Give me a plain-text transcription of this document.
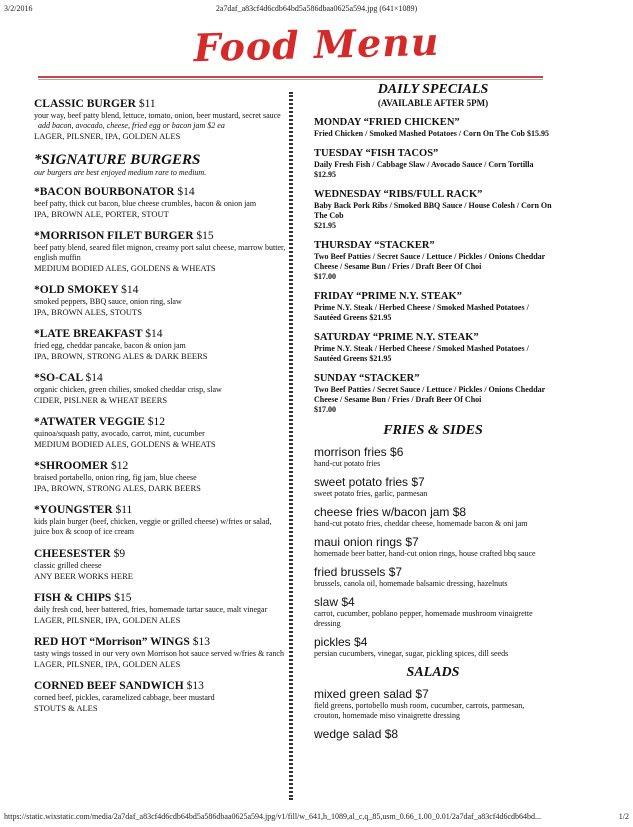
3/2/2016	2a7daf_a83cf4d6cdb64bd5a586dbaa0625a594.jpg (641×1089)
Food Menu
CLASSIC BURGER $11
your way, beef patty blend, lettuce, tomato, onion, beer mustard, secret sauce
add bacon, avocado, cheese, fried egg or bacon jam $2 ea
LAGER, PILSNER, IPA, GOLDEN ALES
*SIGNATURE BURGERS
our burgers are best enjoyed medium rare to medium.
*BACON BOURBONATOR $14
beef patty, thick cut bacon, blue cheese crumbles, bacon & onion jam
IPA, BROWN ALE, PORTER, STOUT
*MORRISON FILET BURGER $15
beef patty blend, seared filet mignon, creamy port salut cheese, marrow butter, english muffin
MEDIUM BODIED ALES, GOLDENS & WHEATS
*OLD SMOKEY $14
smoked peppers, BBQ sauce, onion ring, slaw
IPA, BROWN ALES, STOUTS
*LATE BREAKFAST $14
fried egg, cheddar pancake, bacon & onion jam
IPA, BROWN, STRONG ALES & DARK BEERS
*SO-CAL $14
organic chicken, green chilies, smoked cheddar crisp, slaw
CIDER, PISLNER & WHEAT BEERS
*ATWATER VEGGIE $12
quinoa/squash patty, avocado, carrot, mint, cucumber
MEDIUM BODIED ALES, GOLDENS & WHEATS
*SHROOMER $12
braised portabello, onion ring, fig jam, blue cheese
IPA, BROWN, STRONG ALES, DARK BEERS
*YOUNGSTER $11
kids plain burger (beef, chicken, veggie or grilled cheese) w/fries or salad, juice box & scoop of ice cream
CHEESESTER $9
classic grilled cheese
ANY BEER WORKS HERE
FISH & CHIPS $15
daily fresh cod, beer battered, fries, homemade tartar sauce, malt vinegar
LAGER, PILSNER, IPA, GOLDEN ALES
RED HOT “Morrison” WINGS $13
tasty wings tossed in our very own Morrison hot sauce served w/fries & ranch
LAGER, PILSNER, IPA, GOLDEN ALES
CORNED BEEF SANDWICH $13
corned beef, pickles, caramelized cabbage, beer mustard
STOUTS & ALES
DAILY SPECIALS
(AVAILABLE AFTER 5PM)
MONDAY “FRIED CHICKEN”
Fried Chicken / Smoked Mashed Potatoes / Corn On The Cob $15.95
TUESDAY “FISH TACOS”
Daily Fresh Fish / Cabbage Slaw / Avocado Sauce / Corn Tortilla $12.95
WEDNESDAY “RIBS/FULL RACK”
Baby Back Pork Ribs / Smoked BBQ Sauce / House Colesh / Corn On The Cob
$21.95
THURSDAY “STACKER”
Two Beef Patties / Secret Sauce / Lettuce / Pickles / Onions Cheddar Cheese / Sesame Bun / Fries / Draft Beer Of Choi
$17.00
FRIDAY “PRIME N.Y. STEAK”
Prime N.Y. Steak / Herbed Cheese / Smoked Mashed Potatoes / Sautéed Greens $21.95
SATURDAY “PRIME N.Y. STEAK”
Prime N.Y. Steak / Herbed Cheese / Smoked Mashed Potatoes / Sautéed Greens $21.95
SUNDAY “STACKER”
Two Beef Patties / Secret Sauce / Lettuce / Pickles / Onions Cheddar Cheese / Sesame Bun / Fries / Draft Beer Of Choi
$17.00
FRIES & SIDES
morrison fries $6
hand-cut potato fries
sweet potato fries $7
sweet potato fries, garlic, parmesan
cheese fries w/bacon jam $8
hand-cut potato fries, cheddar cheese, homemade bacon & oni jam
maui onion rings $7
homemade beer batter, hand-cut onion rings, house crafted bbq sauce
fried brussels $7
brussels, canola oil, homemade balsamic dressing, hazelnuts
slaw $4
carrot, cucumber, poblano pepper, homemade mushroom vinaigrette dressing
pickles $4
persian cucumbers, vinegar, sugar, pickling spices, dill seeds
SALADS
mixed green salad $7
field greens, portobello mush room, cucumber, carrots, parmesan, crouton, homemade miso vinaigrette dressing
wedge salad $8
https://static.wixstatic.com/media/2a7daf_a83cf4d6cdb64bd5a586dbaa0625a594.jpg/v1/fill/w_641,h_1089,al_c,q_85,usm_0.66_1.00_0.01/2a7daf_a83cf4d6cdb64bd...	1/2
